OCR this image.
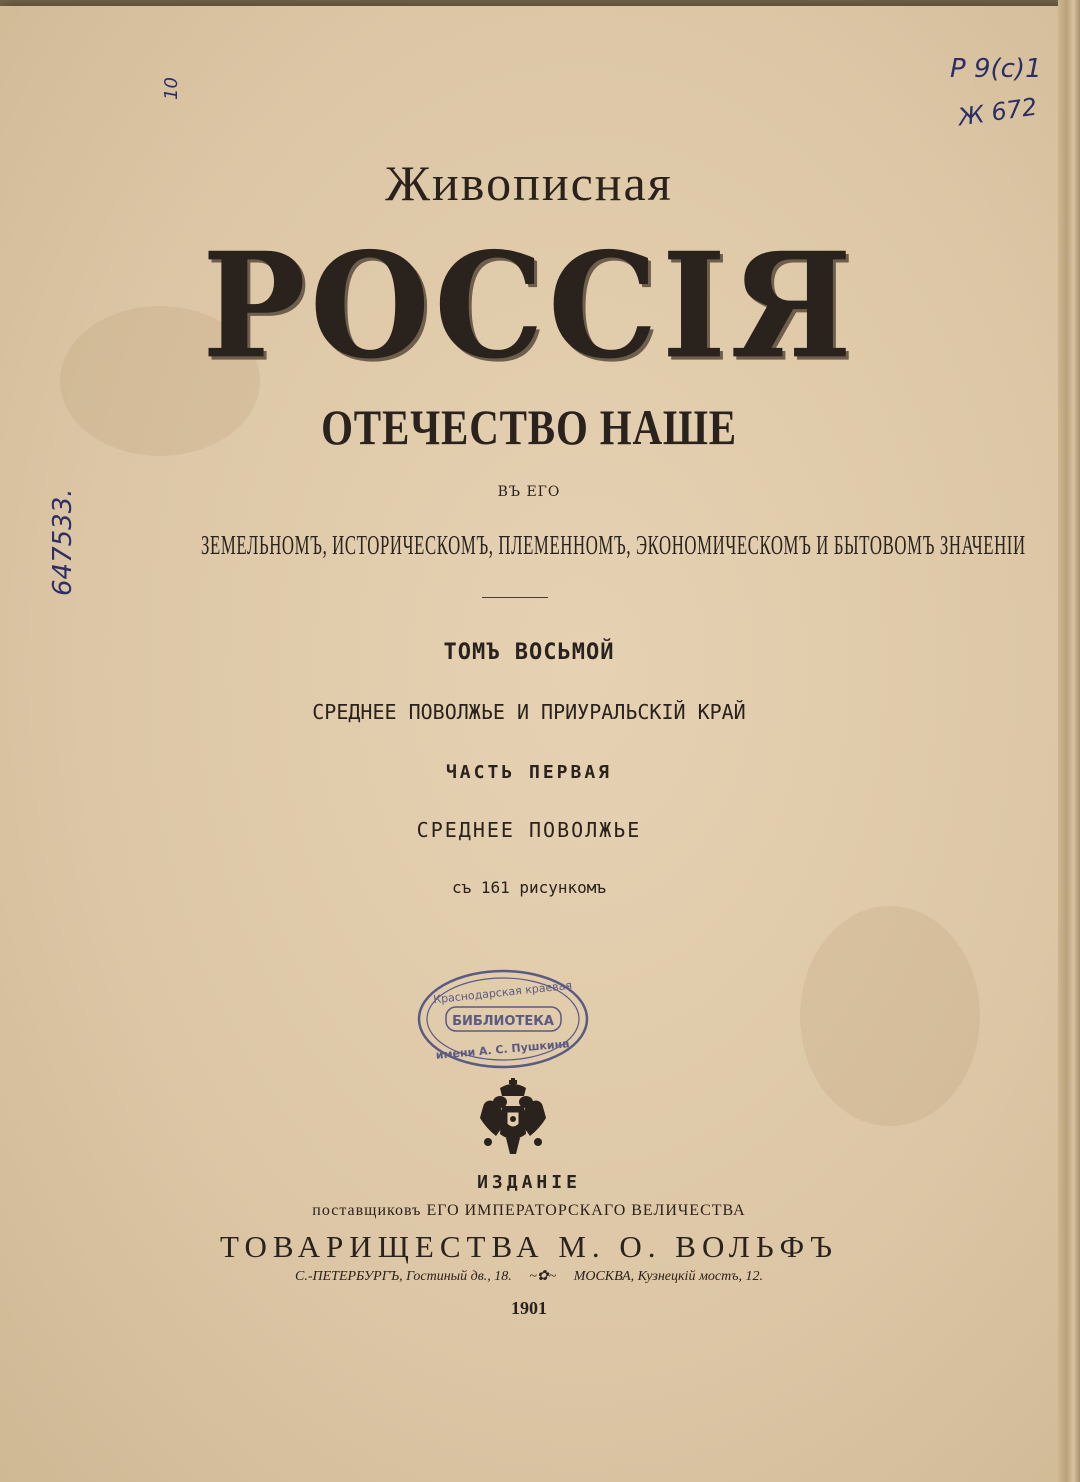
10
P 9(c)1
Ж 672
647533.
Живописная
РОССІЯ
ОТЕЧЕСТВО НАШЕ
ВЪ ЕГО
ЗЕМЕЛЬНОМЪ, ИСТОРИЧЕСКОМЪ, ПЛЕМЕННОМЪ, ЭКОНОМИЧЕСКОМЪ И БЫТОВОМЪ ЗНАЧЕНІИ
ТОМЪ ВОСЬМОЙ
СРЕДНЕЕ ПОВОЛЖЬЕ И ПРИУРАЛЬСКІЙ КРАЙ
ЧАСТЬ ПЕРВАЯ
СРЕДНЕЕ ПОВОЛЖЬЕ
съ 161 рисункомъ
Краснодарская краевая
БИБЛИОТЕКА
имени А. С. Пушкина
ИЗДАНІЕ
поставщиковъ ЕГО ИМПЕРАТОРСКАГО ВЕЛИЧЕСТВА
ТОВАРИЩЕСТВА М. О. ВОЛЬФЪ
С.-ПЕТЕРБУРГЪ, Гостиный дв., 18. ~✿~ МОСКВА, Кузнецкій мостъ, 12.
1901
